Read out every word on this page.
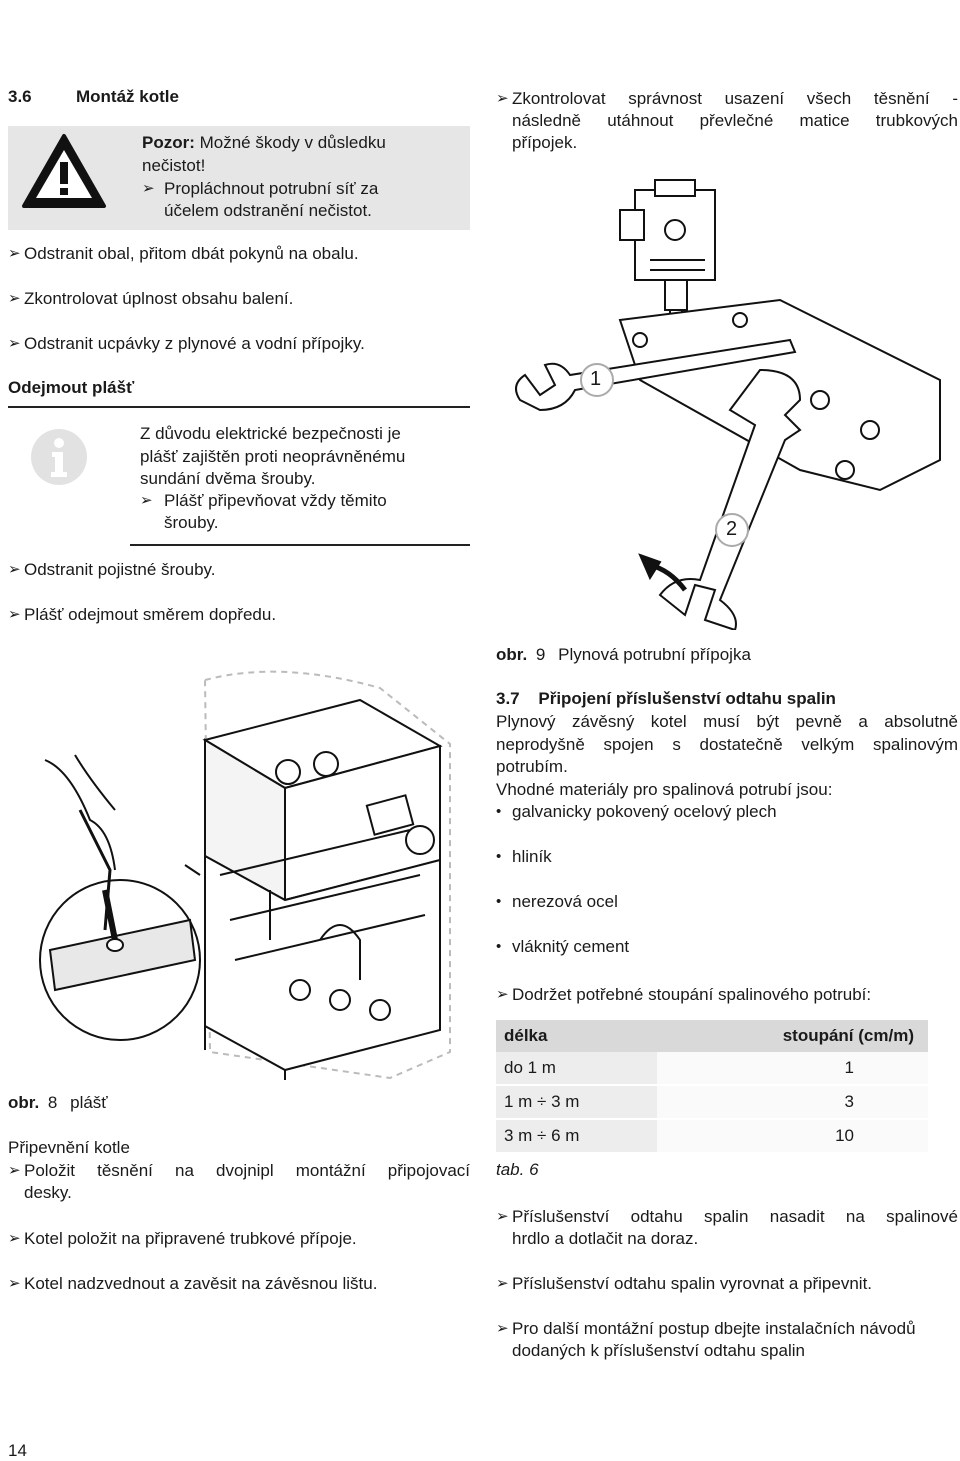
3.6	Montáž kotle
Pozor: Možné škody v důsledku
nečistot!
➢ Propláchnout potrubní síť za
účelem odstranění nečistot.
➢ Odstranit obal, přitom dbát pokynů na obalu.
➢ Zkontrolovat úplnost obsahu balení.
➢ Odstranit ucpávky z plynové a vodní přípojky.
Odejmout plášť
Z důvodu elektrické bezpečnosti je
plášť zajištěn proti neoprávněnému
sundání dvěma šrouby.
➢ Plášť připevňovat vždy těmito
šrouby.
➢ Odstranit pojistné šrouby.
➢ Plášť odejmout směrem dopředu.
obr. 8 plášť
Připevnění kotle
➢ Položit těsnění na dvojnipl montážní připojovací
desky.
➢ Kotel položit na připravené trubkové přípoje.
➢ Kotel nadzvednout a zavěsit na závěsnou lištu.
14
➢ Zkontrolovat správnost usazení všech těsnění -
následně utáhnout převlečné matice trubkových
přípojek.
1
2
obr. 9 Plynová potrubní přípojka
3.7 Připojení příslušenství odtahu spalin
Plynový závěsný kotel musí být pevně a absolutně
neprodyšně spojen s dostatečně velkým spalinovým
potrubím.
Vhodné materiály pro spalinová potrubí jsou:
• galvanicky pokovený ocelový plech
• hliník
• nerezová ocel
• vláknitý cement
➢ Dodržet potřebné stoupání spalinového potrubí:
délka	stoupání (cm/m)
do 1 m	1
1 m ÷ 3 m	3
3 m ÷ 6 m	10
tab. 6
➢ Příslušenství odtahu spalin nasadit na spalinové
hrdlo a dotlačit na doraz.
➢ Příslušenství odtahu spalin vyrovnat a připevnit.
➢ Pro další montážní postup dbejte instalačních návodů
dodaných k příslušenství odtahu spalin
